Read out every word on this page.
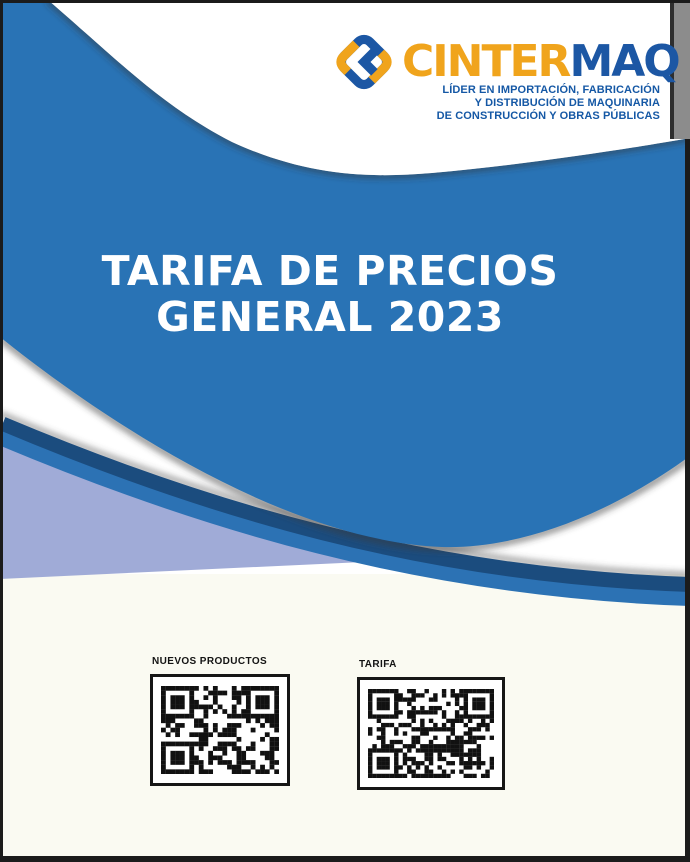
CINTERMAQ
LÍDER EN IMPORTACIÓN, FABRICACIÓN
Y DISTRIBUCIÓN DE MAQUINARIA
DE CONSTRUCCIÓN Y OBRAS PÚBLICAS
TARIFA DE PRECIOS
GENERAL 2023
NUEVOS PRODUCTOS	TARIFA
